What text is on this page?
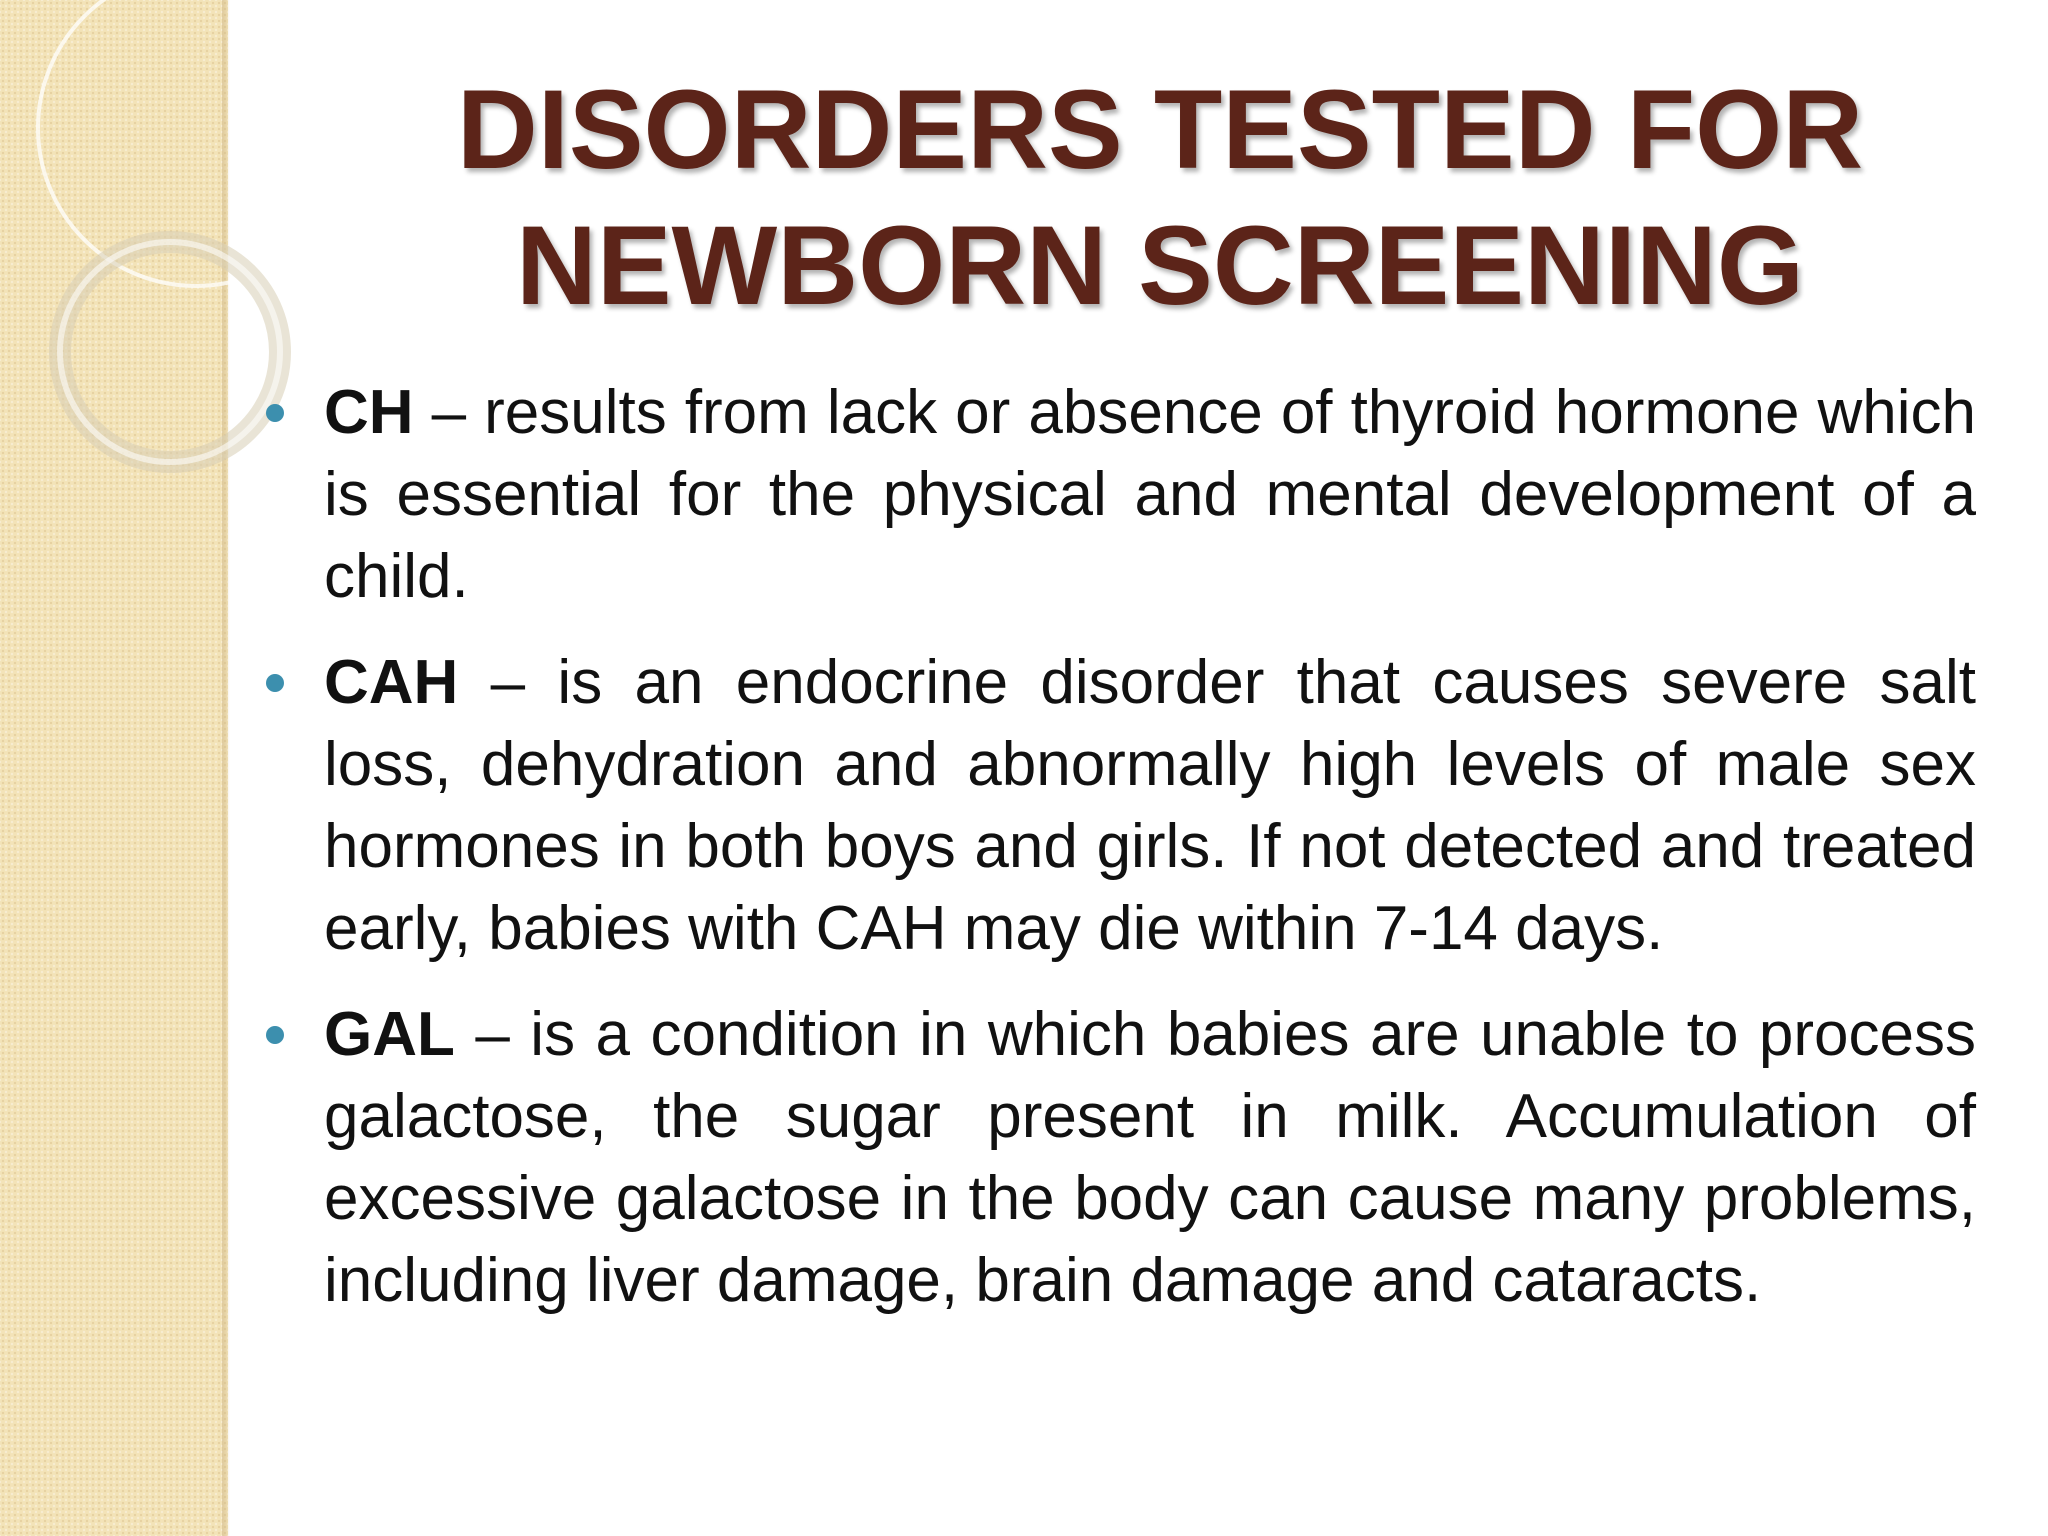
DISORDERS TESTED FOR
NEWBORN SCREENING
CH – results from lack or absence of thyroid hormone which is essential for the physical and mental development of a child.
CAH – is an endocrine disorder that causes severe salt loss, dehydration and abnormally high levels of male sex hormones in both boys and girls. If not detected and treated early, babies with CAH may die within 7-14 days.
GAL – is a condition in which babies are unable to process galactose, the sugar present in milk. Accumulation of excessive galactose in the body can cause many problems, including liver damage, brain damage and cataracts.
